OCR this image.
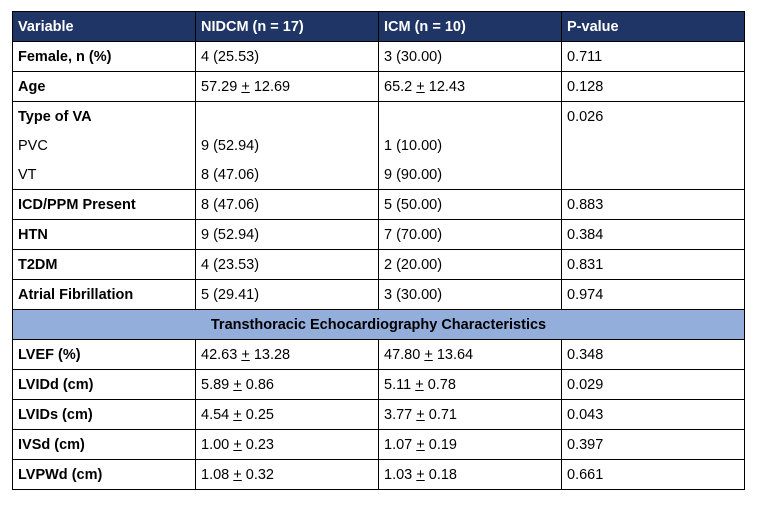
Variable	NIDCM (n = 17)	ICM (n = 10)	P-value
Female, n (%)	4 (25.53)	3 (30.00)	0.711
Age	57.29 + 12.69	65.2 + 12.43	0.128
Type of VA			0.026
PVC	9 (52.94)	1 (10.00)	
VT	8 (47.06)	9 (90.00)	
ICD/PPM Present	8 (47.06)	5 (50.00)	0.883
HTN	9 (52.94)	7 (70.00)	0.384
T2DM	4 (23.53)	2 (20.00)	0.831
Atrial Fibrillation	5 (29.41)	3 (30.00)	0.974
Transthoracic Echocardiography Characteristics			
LVEF (%)	42.63 + 13.28	47.80 + 13.64	0.348
LVIDd (cm)	5.89 + 0.86	5.11 + 0.78	0.029
LVIDs (cm)	4.54 + 0.25	3.77 + 0.71	0.043
IVSd (cm)	1.00 + 0.23	1.07 + 0.19	0.397
LVPWd (cm)	1.08 + 0.32	1.03 + 0.18	0.661
